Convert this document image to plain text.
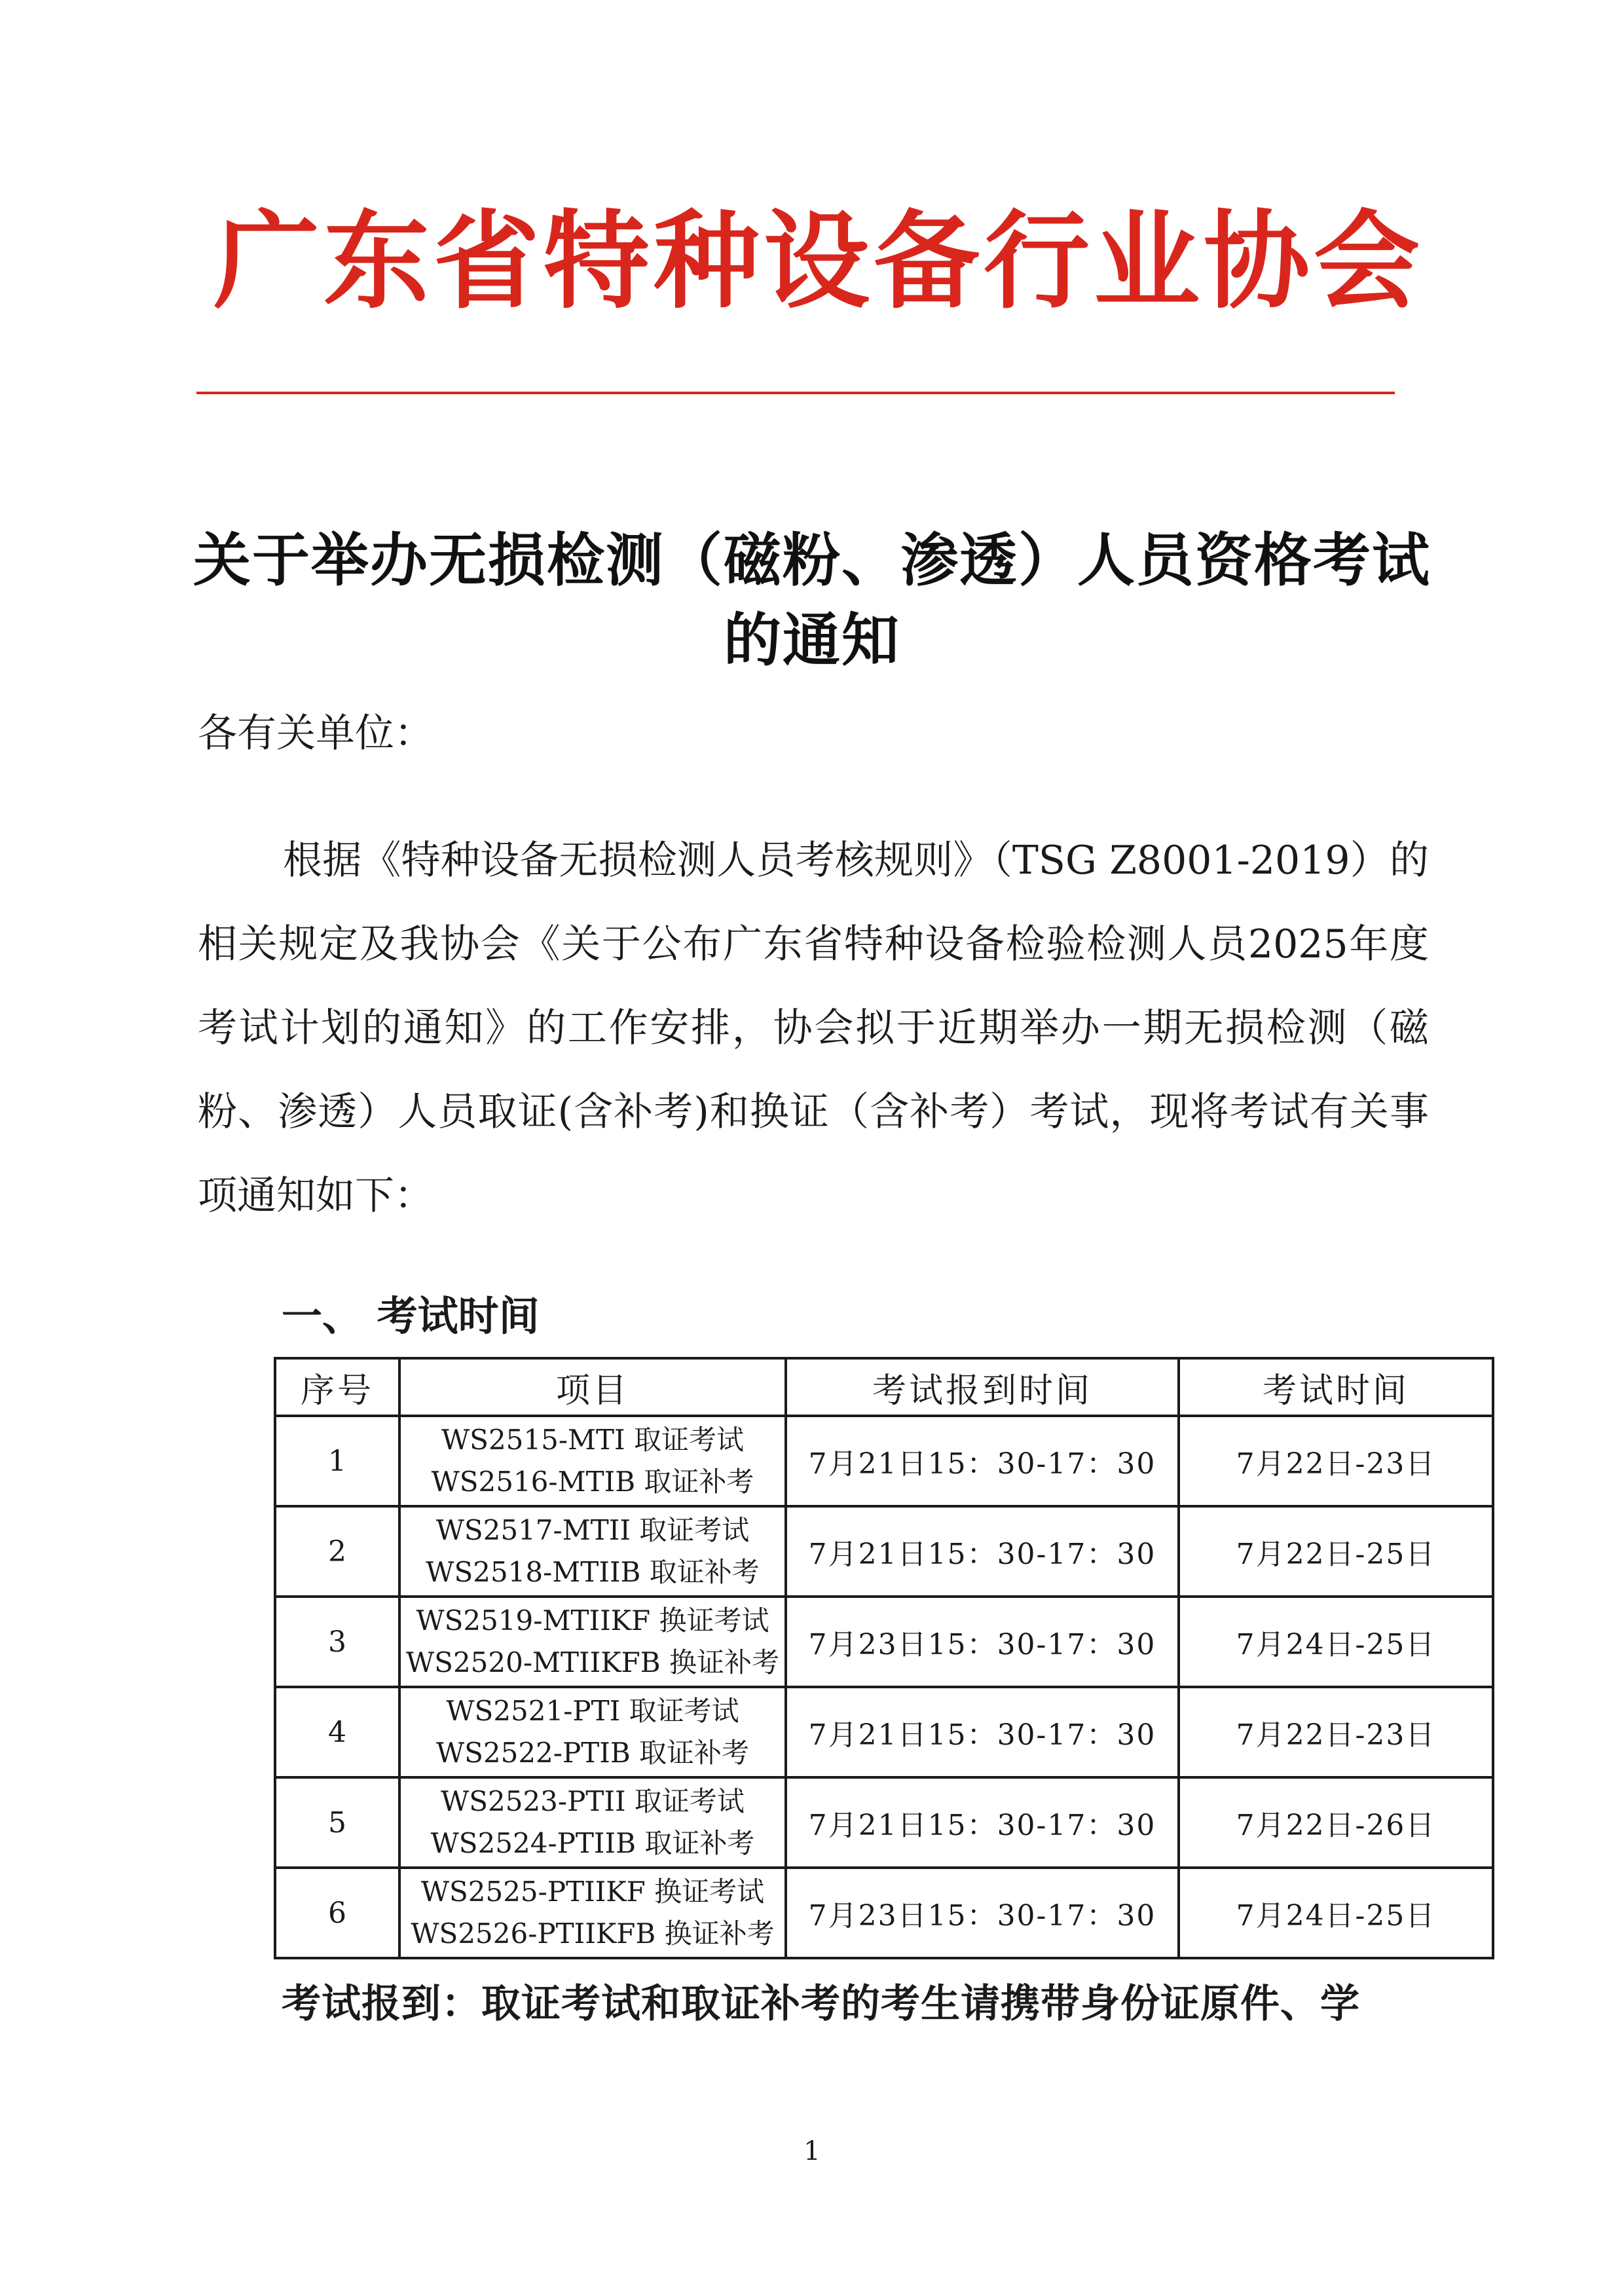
广东省特种设备行业协会
关于举办无损检测（磁粉、渗透）人员资格考试的通知
各有关单位：

根据《特种设备无损检测人员考核规则》（TSG Z8001-2019）的相关规定及我协会《关于公布广东省特种设备检验检测人员2025年度考试计划的通知》的工作安排，协会拟于近期举办一期无损检测（磁粉、渗透）人员取证(含补考)和换证（含补考）考试，现将考试有关事项通知如下：

一、 考试时间
序号	项目	考试报到时间	考试时间
1	WS2515-MTI 取证考试
WS2516-MTIB 取证补考	7月21日15：30-17：30	7月22日-23日
2	WS2517-MTII 取证考试
WS2518-MTIIB 取证补考	7月21日15：30-17：30	7月22日-25日
3	WS2519-MTIIKF 换证考试
WS2520-MTIIKFB 换证补考	7月23日15：30-17：30	7月24日-25日
4	WS2521-PTI 取证考试
WS2522-PTIB 取证补考	7月21日15：30-17：30	7月22日-23日
5	WS2523-PTII 取证考试
WS2524-PTIIB 取证补考	7月21日15：30-17：30	7月22日-26日
6	WS2525-PTIIKF 换证考试
WS2526-PTIIKFB 换证补考	7月23日15：30-17：30	7月24日-25日
考试报到：取证考试和取证补考的考生请携带身份证原件、学
1
